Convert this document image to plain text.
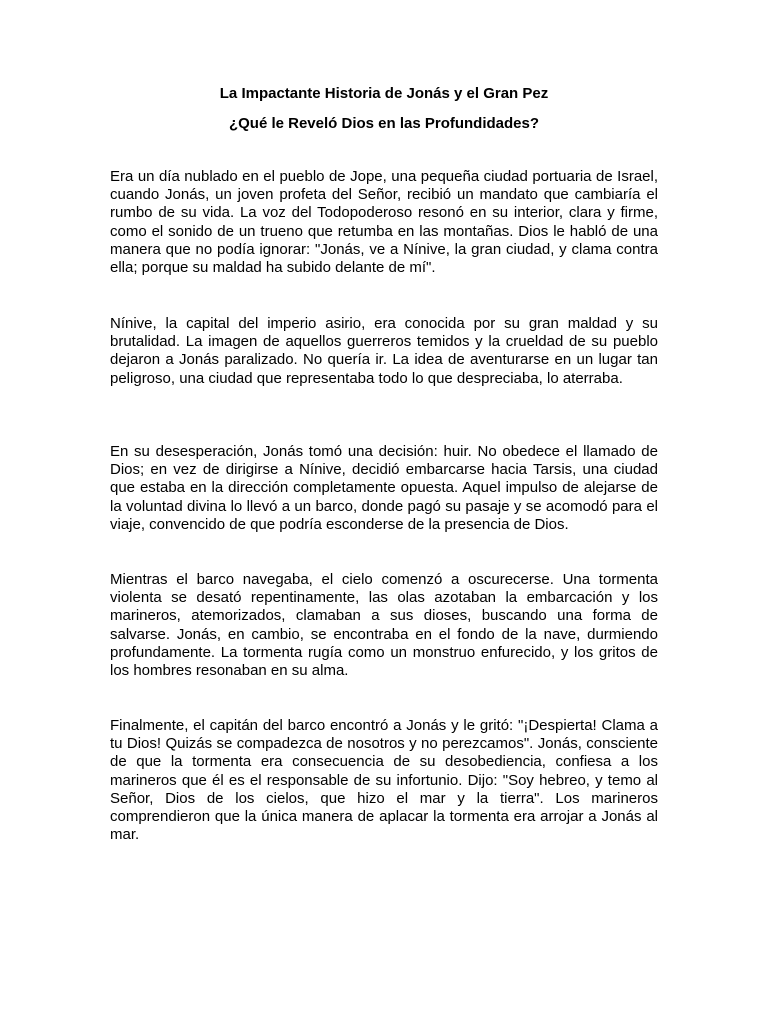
La Impactante Historia de Jonás y el Gran Pez
¿Qué le Reveló Dios en las Profundidades?

Era un día nublado en el pueblo de Jope, una pequeña ciudad portuaria de Israel, cuando Jonás, un joven profeta del Señor, recibió un mandato que cambiaría el rumbo de su vida. La voz del Todopoderoso resonó en su interior, clara y firme, como el sonido de un trueno que retumba en las montañas. Dios le habló de una manera que no podía ignorar: "Jonás, ve a Nínive, la gran ciudad, y clama contra ella; porque su maldad ha subido delante de mí".

Nínive, la capital del imperio asirio, era conocida por su gran maldad y su brutalidad. La imagen de aquellos guerreros temidos y la crueldad de su pueblo dejaron a Jonás paralizado. No quería ir. La idea de aventurarse en un lugar tan peligroso, una ciudad que representaba todo lo que despreciaba, lo aterraba.

En su desesperación, Jonás tomó una decisión: huir. No obedece el llamado de Dios; en vez de dirigirse a Nínive, decidió embarcarse hacia Tarsis, una ciudad que estaba en la dirección completamente opuesta. Aquel impulso de alejarse de la voluntad divina lo llevó a un barco, donde pagó su pasaje y se acomodó para el viaje, convencido de que podría esconderse de la presencia de Dios.

Mientras el barco navegaba, el cielo comenzó a oscurecerse. Una tormenta violenta se desató repentinamente, las olas azotaban la embarcación y los marineros, atemorizados, clamaban a sus dioses, buscando una forma de salvarse. Jonás, en cambio, se encontraba en el fondo de la nave, durmiendo profundamente. La tormenta rugía como un monstruo enfurecido, y los gritos de los hombres resonaban en su alma.

Finalmente, el capitán del barco encontró a Jonás y le gritó: "¡Despierta! Clama a tu Dios! Quizás se compadezca de nosotros y no perezcamos". Jonás, consciente de que la tormenta era consecuencia de su desobediencia, confiesa a los marineros que él es el responsable de su infortunio. Dijo: "Soy hebreo, y temo al Señor, Dios de los cielos, que hizo el mar y la tierra". Los marineros comprendieron que la única manera de aplacar la tormenta era arrojar a Jonás al mar.
